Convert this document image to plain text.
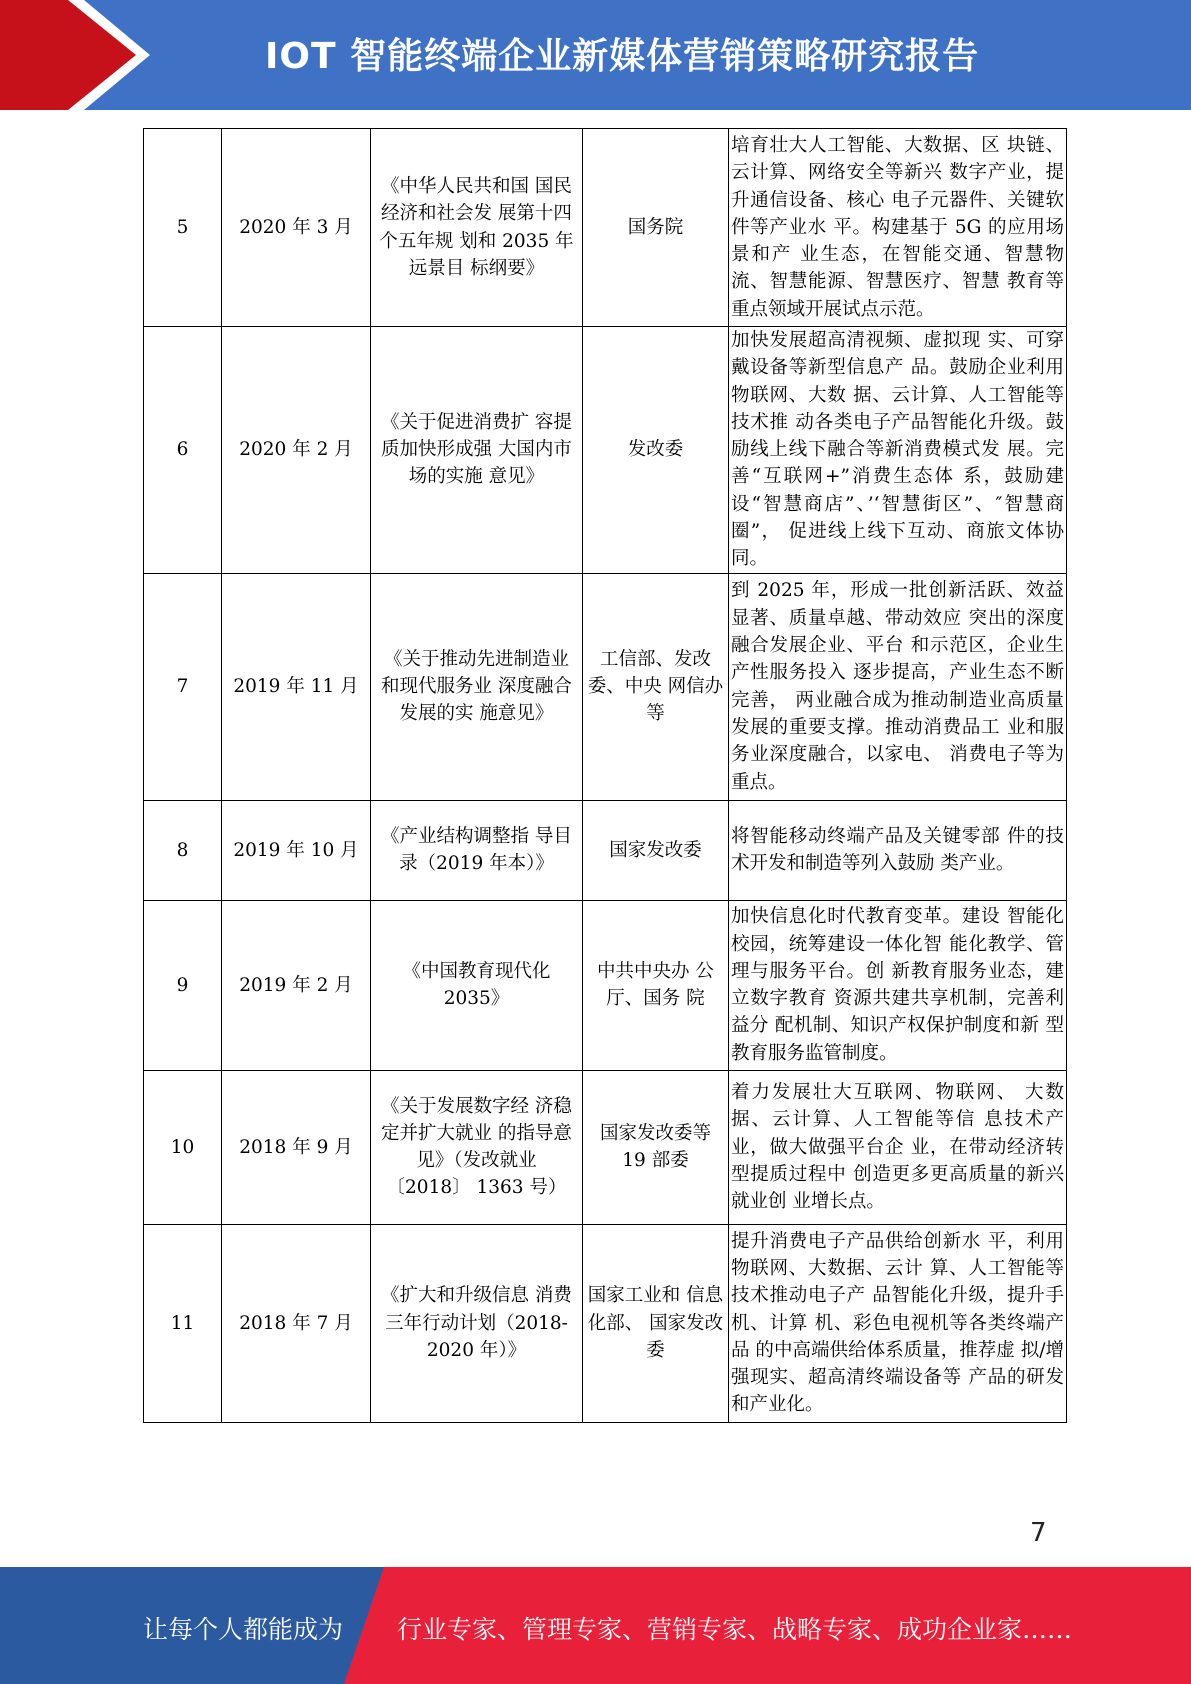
IOT 智能终端企业新媒体营销策略研究报告
5	2020 年 3 月	《中华人民共和国 国民经济和社会发 展第十四个五年规 划和 2035 年远景目 标纲要》	国务院	培育壮大人工智能、大数据、区 块链、云计算、网络安全等新兴 数字产业，提升通信设备、核心 电子元器件、关键软件等产业水 平。构建基于 5G 的应用场景和产 业生态，在智能交通、智慧物 流、智慧能源、智慧医疗、智慧 教育等重点领域开展试点示范。
6	2020 年 2 月	《关于促进消费扩 容提质加快形成强 大国内市场的实施 意见》	发改委	加快发展超高清视频、虚拟现 实、可穿戴设备等新型信息产 品。鼓励企业利用物联网、大数 据、云计算、人工智能等技术推 动各类电子产品智能化升级。鼓 励线上线下融合等新消费模式发 展。完善“互联网+”消费生态体 系，鼓励建设“智慧商店”、’‘智慧街区”、″智慧商圈”， 促进线上线下互动、商旅文体协 同。
7	2019 年 11 月	《关于推动先进制造业和现代服务业 深度融合发展的实 施意见》	工信部、发改委、中央 网信办等	到 2025 年，形成一批创新活跃、效益显著、质量卓越、带动效应 突出的深度融合发展企业、平台 和示范区，企业生产性服务投入 逐步提高，产业生态不断完善， 两业融合成为推动制造业高质量 发展的重要支撑。推动消费品工 业和服务业深度融合，以家电、 消费电子等为重点。
8	2019 年 10 月	《产业结构调整指 导目录（2019 年本）》	国家发改委	将智能移动终端产品及关键零部 件的技术开发和制造等列入鼓励 类产业。
9	2019 年 2 月	《中国教育现代化 2035》	中共中央办 公厅、国务 院	加快信息化时代教育变革。建设 智能化校园，统筹建设一体化智 能化教学、管理与服务平台。创 新教育服务业态，建立数字教育 资源共建共享机制，完善利益分 配机制、知识产权保护制度和新 型教育服务监管制度。
10	2018 年 9 月	《关于发展数字经 济稳定并扩大就业 的指导意见》（发改就业〔2018〕 1363 号）	国家发改委等 19 部委	着力发展壮大互联网、物联网、 大数据、云计算、人工智能等信 息技术产业，做大做强平台企 业，在带动经济转型提质过程中 创造更多更高质量的新兴就业创 业增长点。
11	2018 年 7 月	《扩大和升级信息 消费三年行动计划（2018-2020 年）》	国家工业和 信息化部、 国家发改委	提升消费电子产品供给创新水 平，利用物联网、大数据、云计 算、人工智能等技术推动电子产 品智能化升级，提升手机、计算 机、彩色电视机等各类终端产品 的中高端供给体系质量，推荐虚 拟/增强现实、超高清终端设备等 产品的研发和产业化。
7
让每个人都能成为 行业专家、管理专家、营销专家、战略专家、成功企业家……
